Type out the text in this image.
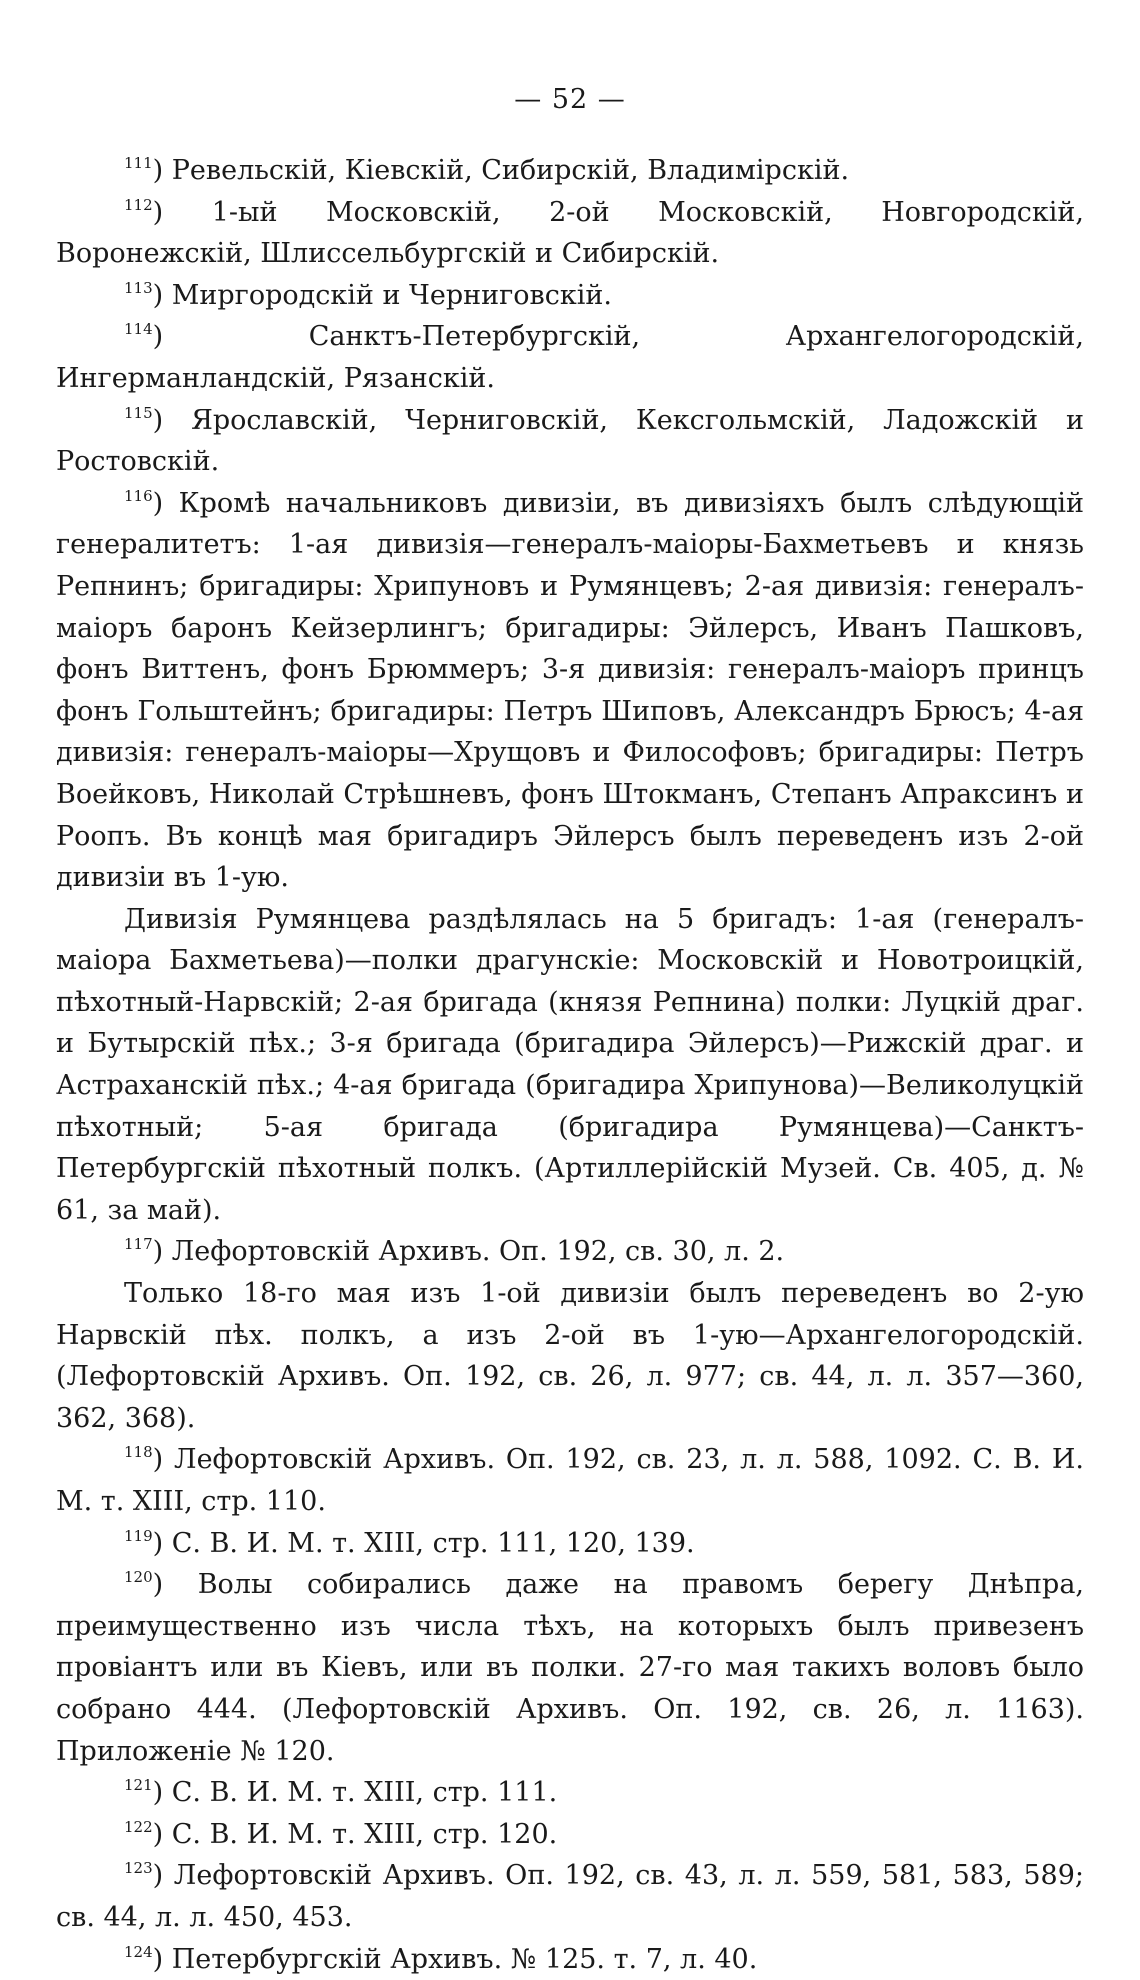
— 52 —

$^{111}$) Ревельскій, Кіевскій, Сибирскій, Владимірскій.

$^{112}$) 1-ый Московскій, 2-ой Московскій, Новгородскій, Воронежскій, Шлиссельбургскій и Сибирскій.

$^{113}$) Миргородскій и Черниговскій.

$^{114}$) Санктъ-Петербургскій, Архангелогородскій, Ингерманландскій, Рязанскій.

$^{115}$) Ярославскій, Черниговскій, Кексгольмскій, Ладожскій и Ростовскій.

$^{116}$) Кромѣ начальниковъ дивизіи, въ дивизіяхъ былъ слѣдующій генералитетъ: 1-ая дивизія—генералъ-маіоры-Бахметьевъ и князь Репнинъ; бригадиры: Хрипуновъ и Румянцевъ; 2-ая дивизія: генералъ-маіоръ баронъ Кейзерлингъ; бригадиры: Эйлерсъ, Иванъ Пашковъ, фонъ Виттенъ, фонъ Брюммеръ; 3-я дивизія: генералъ-маіоръ принцъ фонъ Гольштейнъ; бригадиры: Петръ Шиповъ, Александръ Брюсъ; 4-ая дивизія: генералъ-маіоры—Хрущовъ и Философовъ; бригадиры: Петръ Воейковъ, Николай Стрѣшневъ, фонъ Штокманъ, Степанъ Апраксинъ и Роопъ. Въ концѣ мая бригадиръ Эйлерсъ былъ переведенъ изъ 2-ой дивизіи въ 1-ую.

Дивизія Румянцева раздѣлялась на 5 бригадъ: 1-ая (генералъ-маіора Бахметьева)—полки драгунскіе: Московскій и Новотроицкій, пѣхотный-Нарвскій; 2-ая бригада (князя Репнина) полки: Луцкій драг. и Бутырскій пѣх.; 3-я бригада (бригадира Эйлерсъ)—Рижскій драг. и Астраханскій пѣх.; 4-ая бригада (бригадира Хрипунова)—Великолуцкій пѣхотный; 5-ая бригада (бригадира Румянцева)—Санктъ-Петербургскій пѣхотный полкъ. (Артиллерійскій Музей. Св. 405, д. № 61, за май).

$^{117}$) Лефортовскій Архивъ. Оп. 192, св. 30, л. 2.

Только 18-го мая изъ 1-ой дивизіи былъ переведенъ во 2-ую Нарвскій пѣх. полкъ, а изъ 2-ой въ 1-ую—Архангелогородскій. (Лефортовскій Архивъ. Оп. 192, св. 26, л. 977; св. 44, л. л. 357—360, 362, 368).

$^{118}$) Лефортовскій Архивъ. Оп. 192, св. 23, л. л. 588, 1092. С. В. И. М. т. XIII, стр. 110.

$^{119}$) С. В. И. М. т. XIII, стр. 111, 120, 139.

$^{120}$) Волы собирались даже на правомъ берегу Днѣпра, преимущественно изъ числа тѣхъ, на которыхъ былъ привезенъ провіантъ или въ Кіевъ, или въ полки. 27-го мая такихъ воловъ было собрано 444. (Лефортовскій Архивъ. Оп. 192, св. 26, л. 1163). Приложеніе № 120.

$^{121}$) С. В. И. М. т. XIII, стр. 111.

$^{122}$) С. В. И. М. т. XIII, стр. 120.

$^{123}$) Лефортовскій Архивъ. Оп. 192, св. 43, л. л. 559, 581, 583, 589; св. 44, л. л. 450, 453.

$^{124}$) Петербургскій Архивъ. № 125. т. 7, л. 40.
